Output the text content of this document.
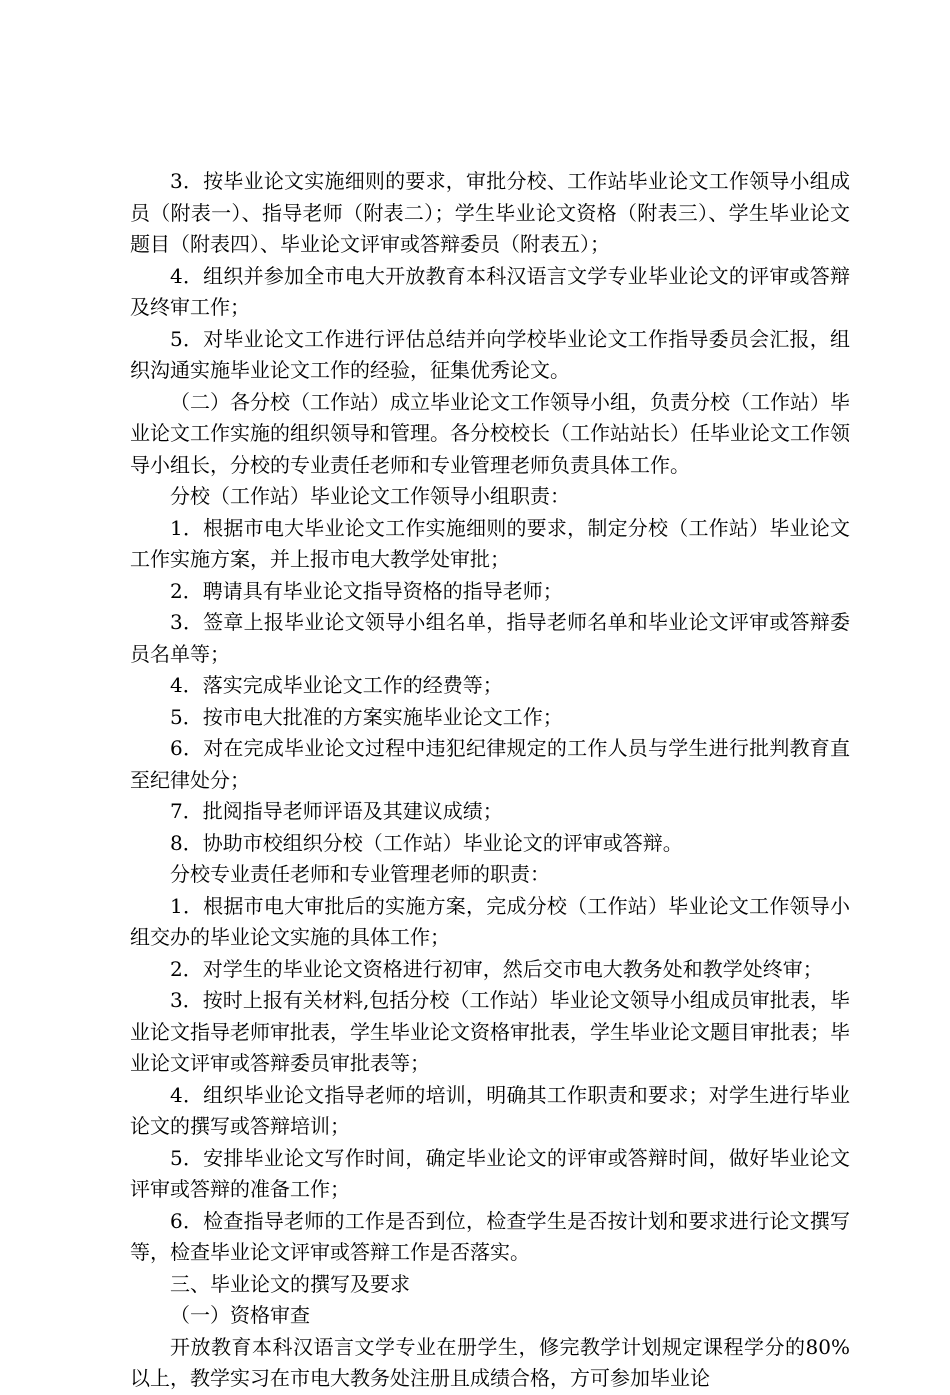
3．按毕业论文实施细则的要求，审批分校、工作站毕业论文工作领导小组成员（附表一）、指导老师（附表二）；学生毕业论文资格（附表三）、学生毕业论文题目（附表四）、毕业论文评审或答辩委员（附表五）；

4．组织并参加全市电大开放教育本科汉语言文学专业毕业论文的评审或答辩及终审工作；

5．对毕业论文工作进行评估总结并向学校毕业论文工作指导委员会汇报，组织沟通实施毕业论文工作的经验，征集优秀论文。

（二）各分校（工作站）成立毕业论文工作领导小组，负责分校（工作站）毕业论文工作实施的组织领导和管理。各分校校长（工作站站长）任毕业论文工作领导小组长，分校的专业责任老师和专业管理老师负责具体工作。

分校（工作站）毕业论文工作领导小组职责：

1．根据市电大毕业论文工作实施细则的要求，制定分校（工作站）毕业论文工作实施方案，并上报市电大教学处审批；

2．聘请具有毕业论文指导资格的指导老师；

3．签章上报毕业论文领导小组名单，指导老师名单和毕业论文评审或答辩委员名单等；

4．落实完成毕业论文工作的经费等；

5．按市电大批准的方案实施毕业论文工作；

6．对在完成毕业论文过程中违犯纪律规定的工作人员与学生进行批判教育直至纪律处分；

7．批阅指导老师评语及其建议成绩；

8．协助市校组织分校（工作站）毕业论文的评审或答辩。

分校专业责任老师和专业管理老师的职责：

1．根据市电大审批后的实施方案，完成分校（工作站）毕业论文工作领导小组交办的毕业论文实施的具体工作；

2．对学生的毕业论文资格进行初审，然后交市电大教务处和教学处终审；

3．按时上报有关材料,包括分校（工作站）毕业论文领导小组成员审批表，毕业论文指导老师审批表，学生毕业论文资格审批表，学生毕业论文题目审批表；毕业论文评审或答辩委员审批表等；

4．组织毕业论文指导老师的培训，明确其工作职责和要求；对学生进行毕业论文的撰写或答辩培训；

5．安排毕业论文写作时间，确定毕业论文的评审或答辩时间，做好毕业论文评审或答辩的准备工作；

6．检查指导老师的工作是否到位，检查学生是否按计划和要求进行论文撰写等，检查毕业论文评审或答辩工作是否落实。

三、毕业论文的撰写及要求

（一）资格审查

开放教育本科汉语言文学专业在册学生，修完教学计划规定课程学分的80%以上，教学实习在市电大教务处注册且成绩合格，方可参加毕业论
